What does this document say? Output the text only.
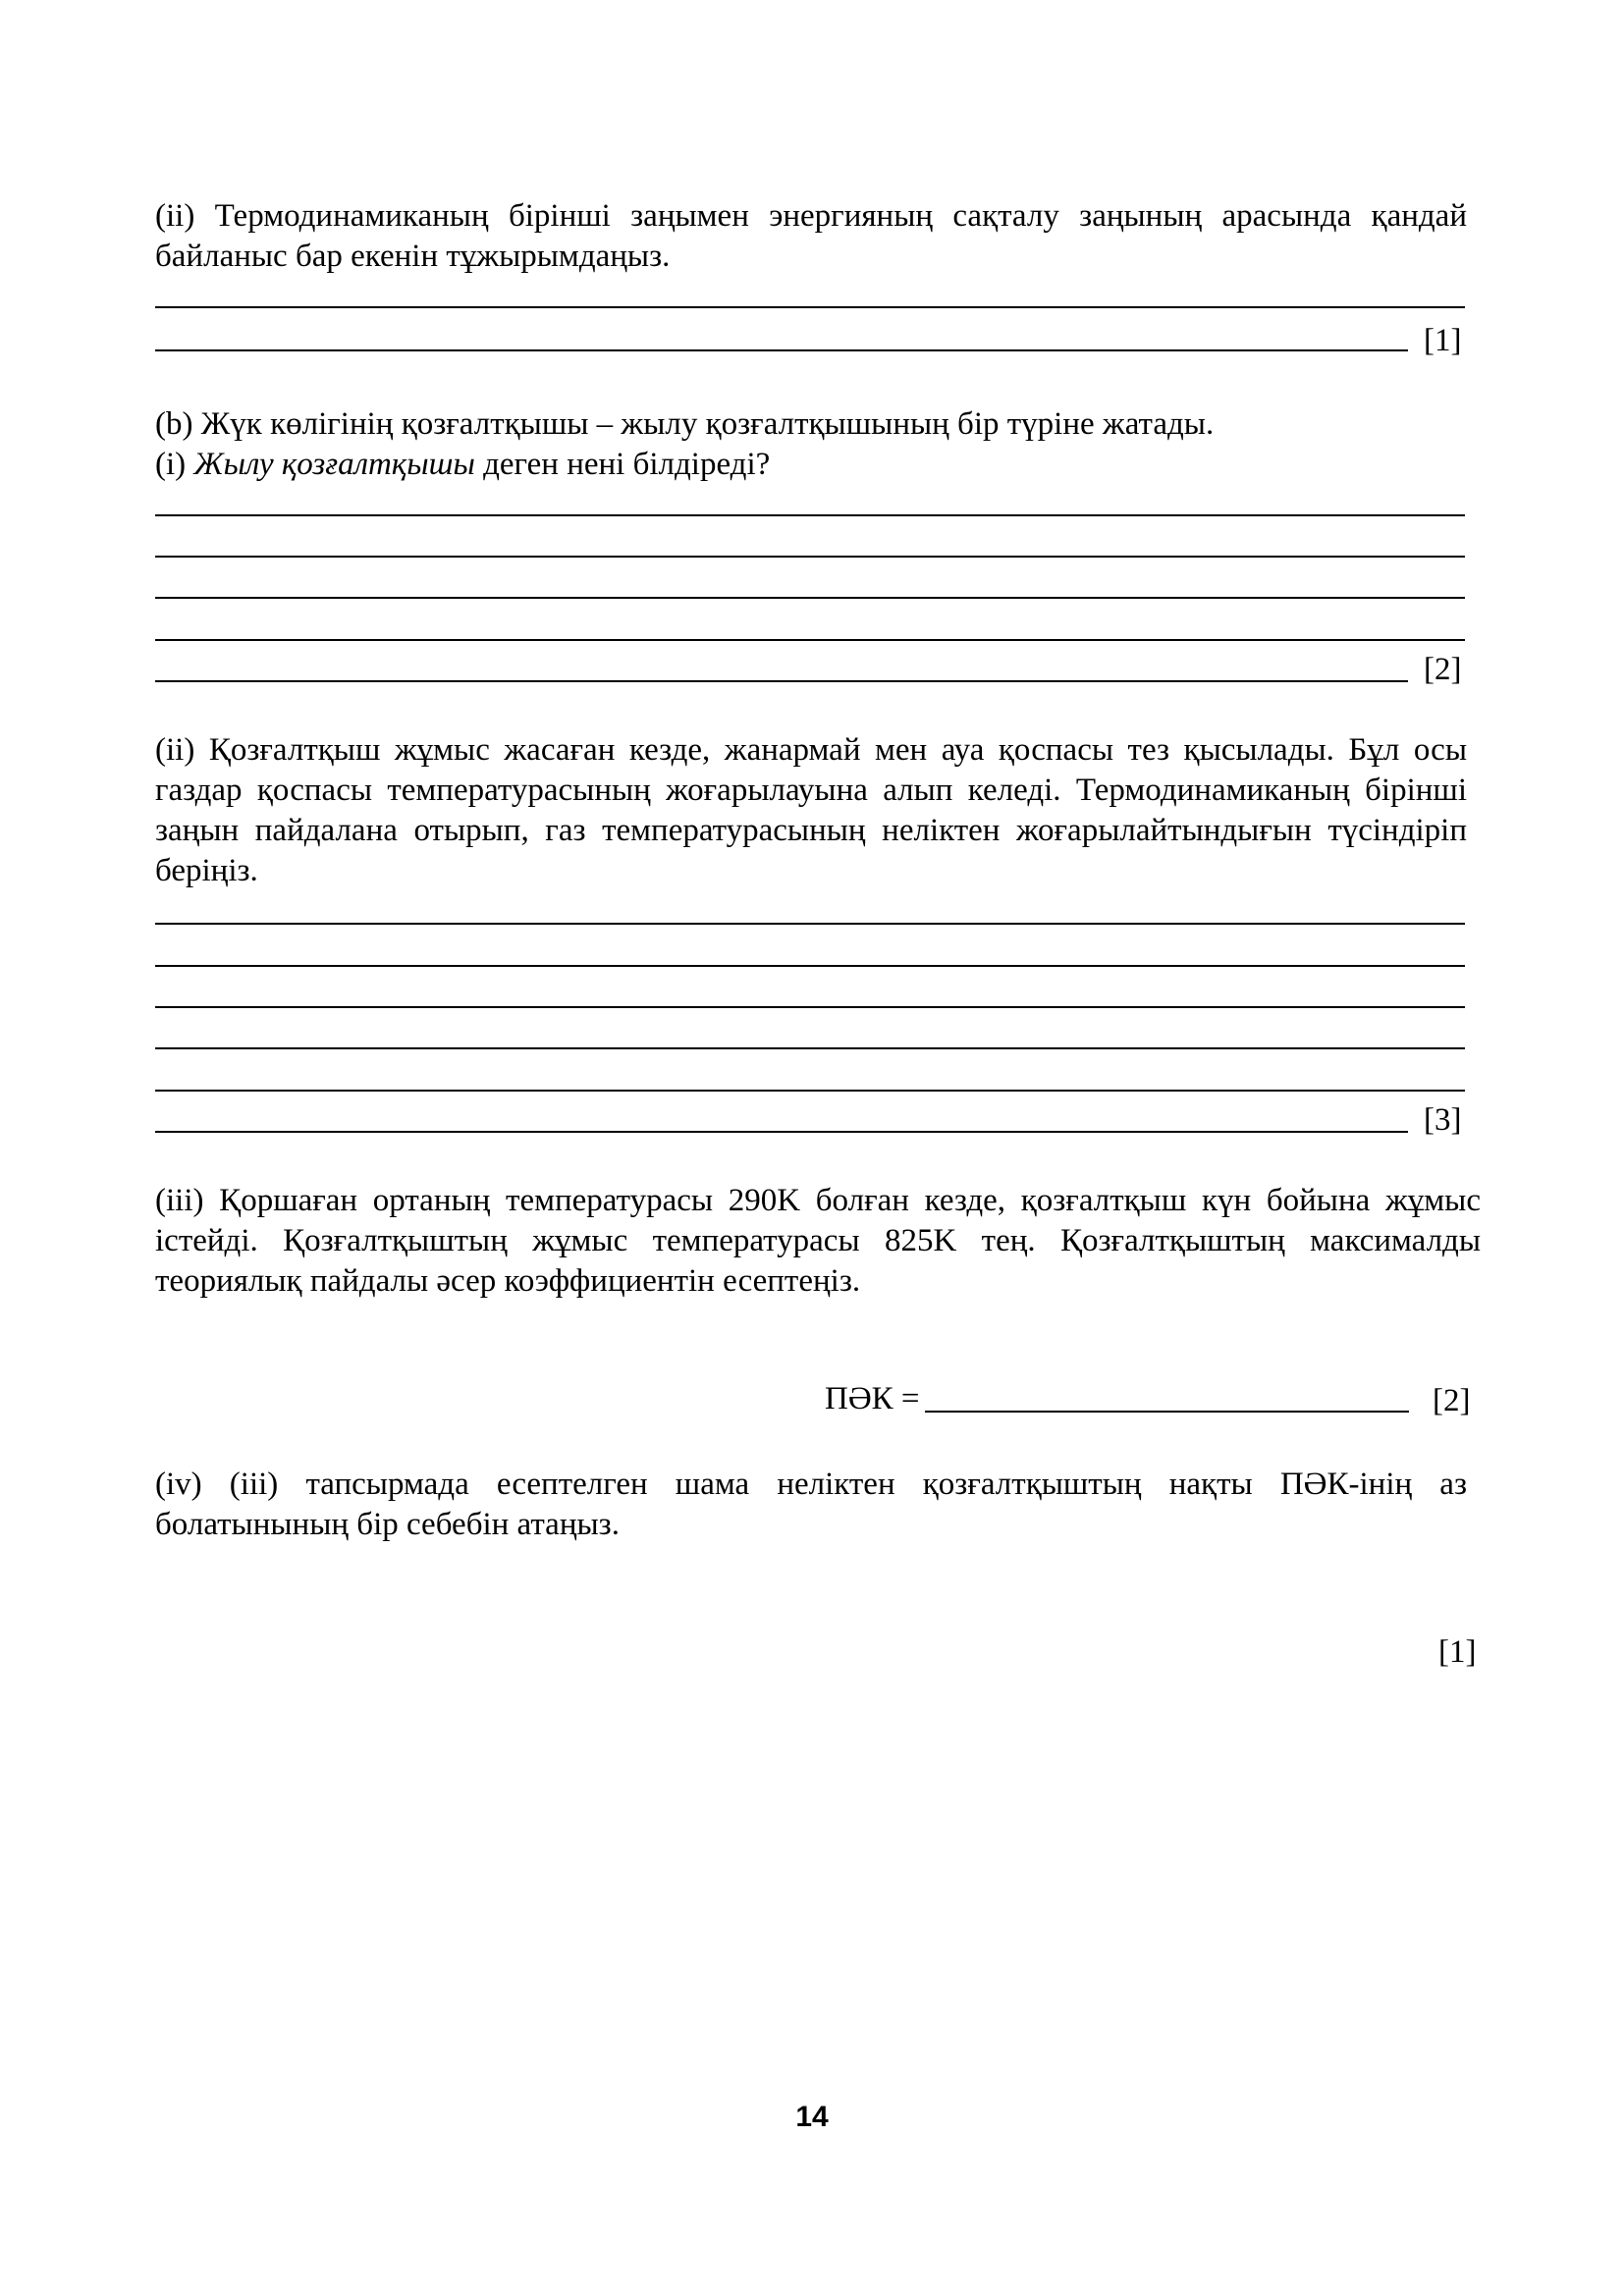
(ii) Термодинамиканың бірінші заңымен энергияның сақталу заңының арасында қандай байланыс бар екенін тұжырымдаңыз.
[1]
(b) Жүк көлігінің қозғалтқышы – жылу қозғалтқышының бір түріне жатады.
(i) Жылу қозғалтқышы деген нені білдіреді?
[2]
(ii) Қозғалтқыш жұмыс жасаған кезде, жанармай мен ауа қоспасы тез қысылады. Бұл осы газдар қоспасы температурасының жоғарылауына алып келеді. Термодинамиканың бірінші заңын пайдалана отырып, газ температурасының неліктен жоғарылайтындығын түсіндіріп беріңіз.
[3]
(iii) Қоршаған ортаның температурасы 290K болған кезде, қозғалтқыш күн бойына жұмыс істейді. Қозғалтқыштың жұмыс температурасы 825K тең. Қозғалтқыштың максималды теориялық пайдалы әсер коэффициентін есептеңіз.
ПӘК =	[2]
(iv) (iii) тапсырмада есептелген шама неліктен қозғалтқыштың нақты ПӘК-інің аз болатынының бір себебін атаңыз.
[1]
14
